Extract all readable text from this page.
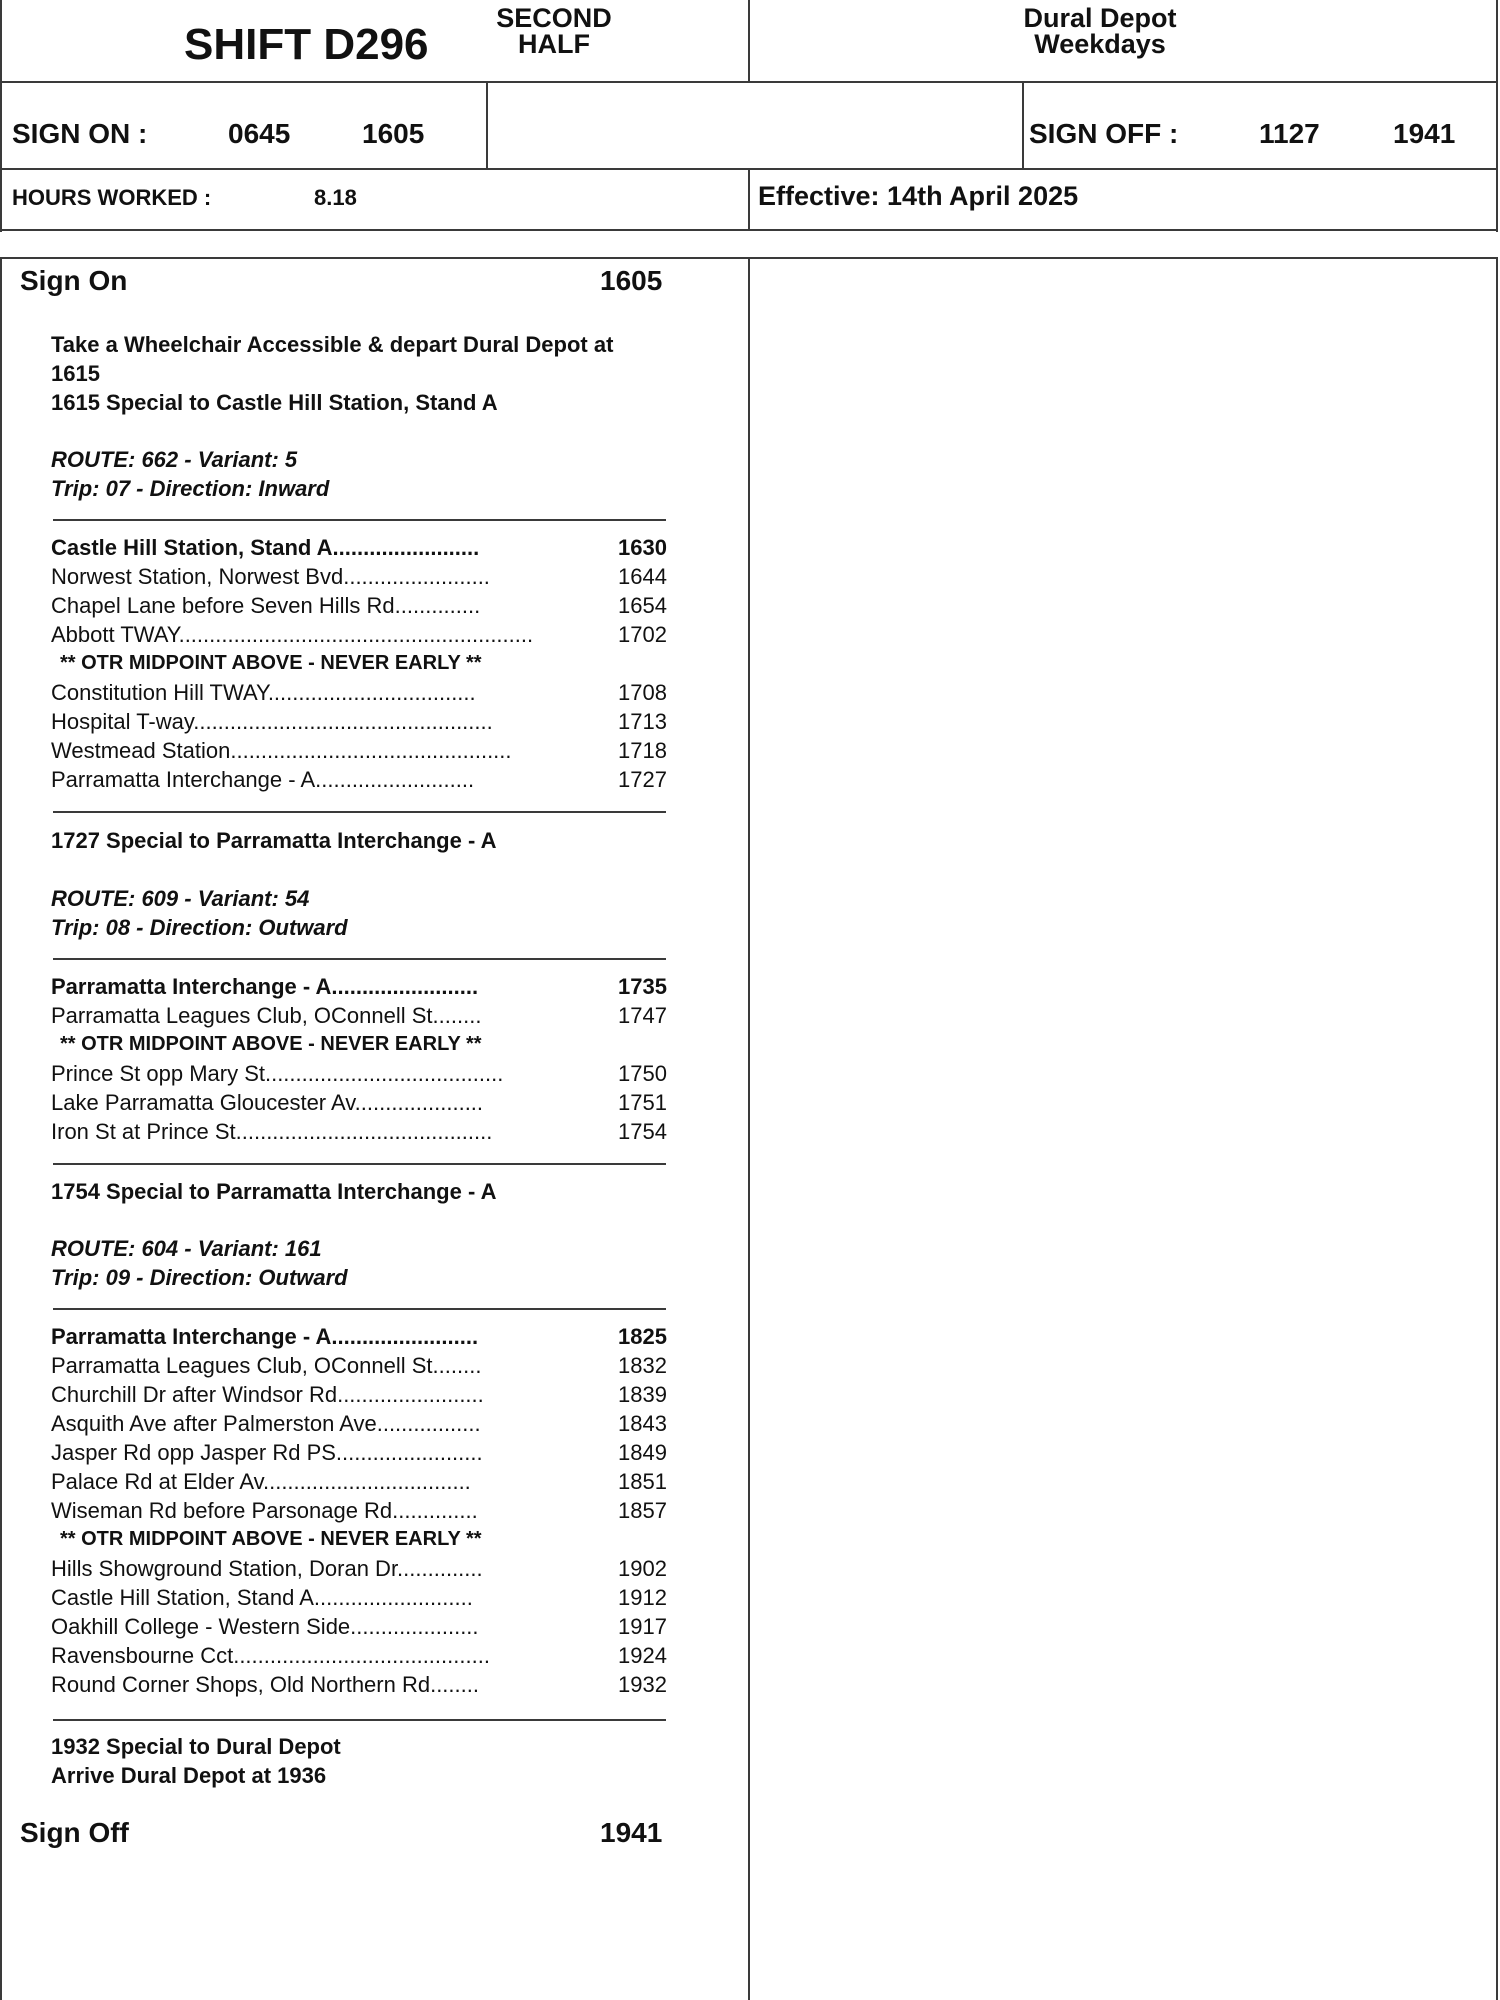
SHIFT D296
SECOND
HALF
Dural Depot
Weekdays
SIGN ON :	0645	1605	SIGN OFF :	1127	1941
HOURS WORKED :	8.18	Effective: 14th April 2025
Sign On	1605
Take a Wheelchair Accessible & depart Dural Depot at
1615
1615 Special to Castle Hill Station, Stand A
ROUTE: 662 - Variant: 5
Trip: 07 - Direction: Inward
Castle Hill Station, Stand A........................	1630
Norwest Station, Norwest Bvd........................	1644
Chapel Lane before Seven Hills Rd..............	1654
Abbott TWAY..........................................................	1702
** OTR MIDPOINT ABOVE - NEVER EARLY **
Constitution Hill TWAY..................................	1708
Hospital T-way.................................................	1713
Westmead Station..............................................	1718
Parramatta Interchange - A..........................	1727
1727 Special to Parramatta Interchange - A
ROUTE: 609 - Variant: 54
Trip: 08 - Direction: Outward
Parramatta Interchange - A........................	1735
Parramatta Leagues Club, OConnell St........	1747
** OTR MIDPOINT ABOVE - NEVER EARLY **
Prince St opp Mary St.......................................	1750
Lake Parramatta Gloucester Av.....................	1751
Iron St at Prince St..........................................	1754
1754 Special to Parramatta Interchange - A
ROUTE: 604 - Variant: 161
Trip: 09 - Direction: Outward
Parramatta Interchange - A........................	1825
Parramatta Leagues Club, OConnell St........	1832
Churchill Dr after Windsor Rd........................	1839
Asquith Ave after Palmerston Ave.................	1843
Jasper Rd opp Jasper Rd PS........................	1849
Palace Rd at Elder Av..................................	1851
Wiseman Rd before Parsonage Rd..............	1857
** OTR MIDPOINT ABOVE - NEVER EARLY **
Hills Showground Station, Doran Dr..............	1902
Castle Hill Station, Stand A..........................	1912
Oakhill College - Western Side.....................	1917
Ravensbourne Cct..........................................	1924
Round Corner Shops, Old Northern Rd........	1932
1932 Special to Dural Depot
Arrive Dural Depot at 1936
Sign Off	1941
